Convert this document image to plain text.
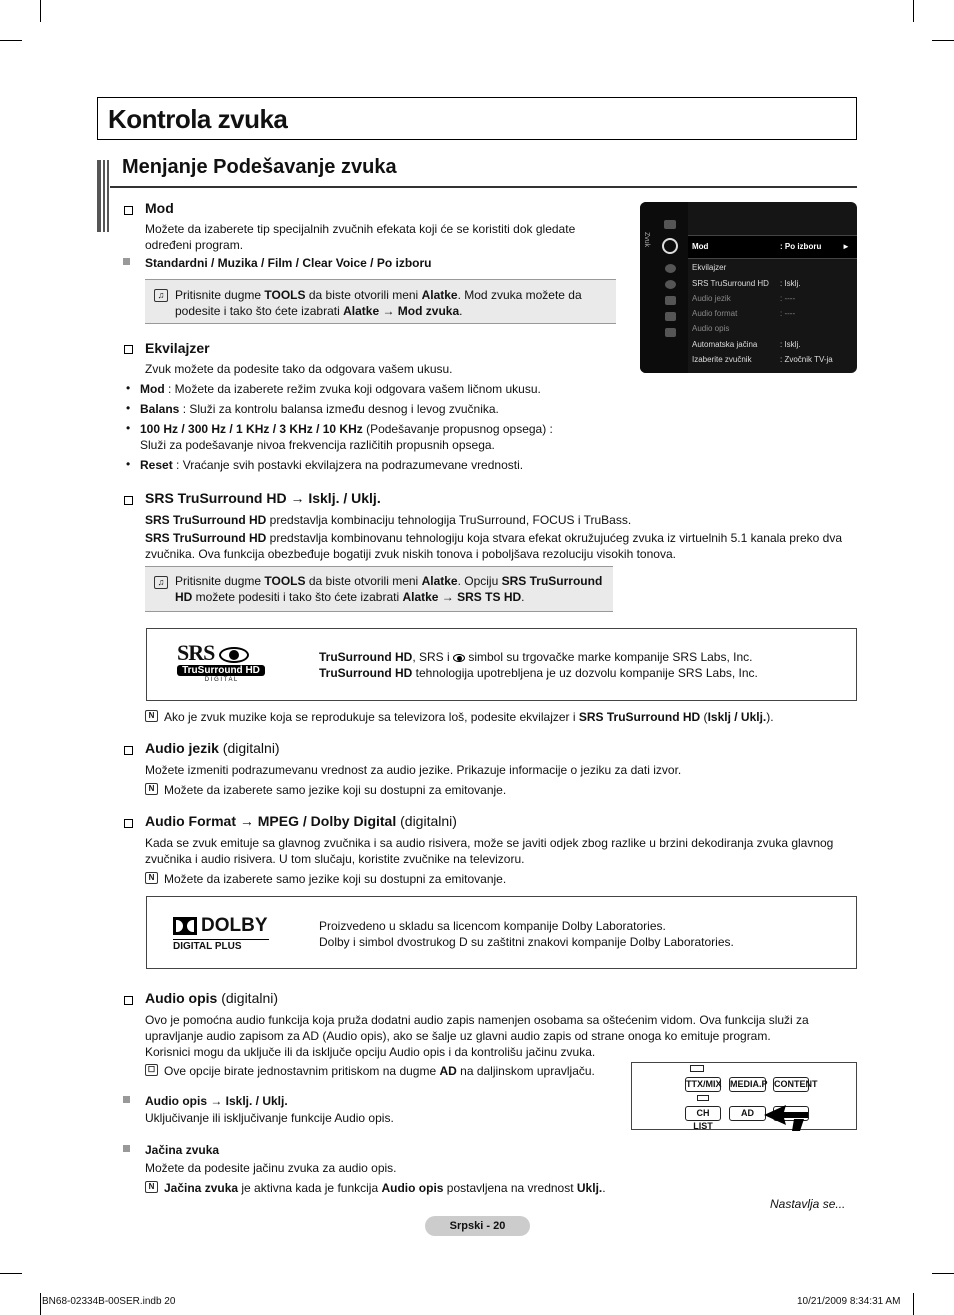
Kontrola zvuka
Menjanje Podešavanje zvuka
Mod
Možete da izaberete tip specijalnih zvučnih efekata koji će se koristiti dok gledate
određeni program.
Standardni / Muzika / Film / Clear Voice / Po izboru
♫ Pritisnite dugme TOOLS da biste otvorili meni Alatke. Mod zvuka možete da
podesite i tako što ćete izabrati Alatke → Mod zvuka.
Zvuk	Mod	: Po izboru	►
Ekvilajzer
SRS TruSurround HD : Isklj.
Audio jezik	: ----
Audio format	: ----
Audio opis
Automatska jačina	: Isklj.
Izaberite zvučnik	: Zvočnik TV-ja
Ekvilajzer
Zvuk možete da podesite tako da odgovara vašem ukusu.
• Mod : Možete da izaberete režim zvuka koji odgovara vašem ličnom ukusu.
• Balans : Služi za kontrolu balansa između desnog i levog zvučnika.
• 100 Hz / 300 Hz / 1 KHz / 3 KHz / 10 KHz (Podešavanje propusnog opsega) :
Služi za podešavanje nivoa frekvencija različitih propusnih opsega.
• Reset : Vraćanje svih postavki ekvilajzera na podrazumevane vrednosti.
SRS TruSurround HD → Isklj. / Uklj.
SRS TruSurround HD predstavlja kombinaciju tehnologija TruSurround, FOCUS i TruBass.
SRS TruSurround HD predstavlja kombinovanu tehnologiju koja stvara efekat okružujućeg zvuka iz virtuelnih 5.1 kanala preko dva
zvučnika. Ova funkcija obezbeđuje bogatiji zvuk niskih tonova i poboljšava rezoluciju visokih tonova.
♫ Pritisnite dugme TOOLS da biste otvorili meni Alatke. Opciju SRS TruSurround
HD možete podesiti i tako što ćete izabrati Alatke → SRS TS HD.
SRS
TruSurround HD
D I G I T A L
TruSurround HD, SRS i
simbol su trgovačke marke kompanije SRS Labs, Inc.
TruSurround HD tehnologija upotrebljena je uz dozvolu kompanije SRS Labs, Inc.
N Ako je zvuk muzike koja se reprodukuje sa televizora loš, podesite ekvilajzer i SRS TruSurround HD (Isklj / Uklj.).
Audio jezik (digitalni)
Možete izmeniti podrazumevanu vrednost za audio jezike. Prikazuje informacije o jeziku za dati izvor.
N Možete da izaberete samo jezike koji su dostupni za emitovanje.
Audio Format → MPEG / Dolby Digital (digitalni)
Kada se zvuk emituje sa glavnog zvučnika i sa audio risivera, može se javiti odjek zbog razlike u brzini dekodiranja zvuka glavnog
zvučnika i audio risivera. U tom slučaju, koristite zvučnike na televizoru.
N Možete da izaberete samo jezike koji su dostupni za emitovanje.
DOLBY
DIGITAL PLUS
Proizvedeno u skladu sa licencom kompanije Dolby Laboratories.
Dolby i simbol dvostrukog D su zaštitni znakovi kompanije Dolby Laboratories.
Audio opis (digitalni)
Ovo je pomoćna audio funkcija koja pruža dodatni audio zapis namenjen osobama sa oštećenim vidom. Ova funkcija služi za
upravljanje audio zapisom za AD (Audio opis), ako se šalje uz glavni audio zapis od strane onoga ko emituje program.
Korisnici mogu da uključe ili da isključe opciju Audio opis i da kontrolišu jačinu zvuka.
☐ Ove opcije birate jednostavnim pritiskom na dugme AD na daljinskom upravljaču.
Audio opis → Isklj. / Uklj.
Uključivanje ili isključivanje funkcije Audio opis.
Jačina zvuka
Možete da podesite jačinu zvuka za audio opis.
N Jačina zvuka je aktivna kada je funkcija Audio opis postavljena na vrednost Uklj..
TTX/MIX MEDIA.P CONTENT
CH LIST
AD
Nastavlja se...
Srpski - 20
BN68-02334B-00SER.indb 20	10/21/2009 8:34:31 AM
